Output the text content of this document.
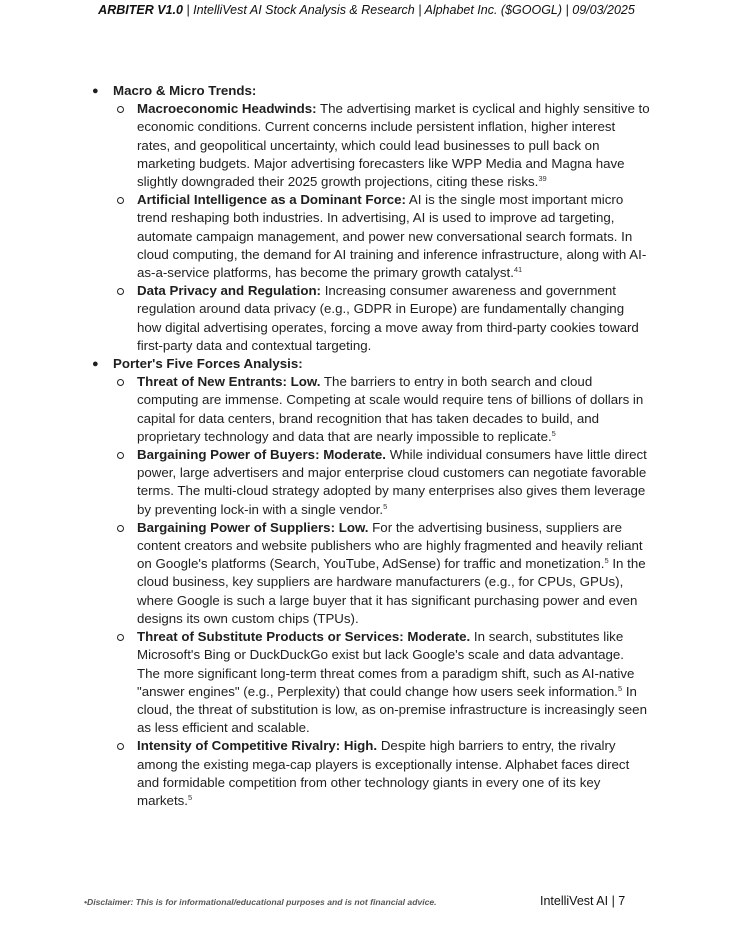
ARBITER V1.0 | IntelliVest AI Stock Analysis & Research | Alphabet Inc. ($GOOGL) | 09/03/2025
● Macro & Micro Trends:
Macroeconomic Headwinds: The advertising market is cyclical and highly sensitive to economic conditions. Current concerns include persistent inflation, higher interest rates, and geopolitical uncertainty, which could lead businesses to pull back on marketing budgets. Major advertising forecasters like WPP Media and Magna have slightly downgraded their 2025 growth projections, citing these risks.$^{39}$
Artificial Intelligence as a Dominant Force: AI is the single most important micro trend reshaping both industries. In advertising, AI is used to improve ad targeting, automate campaign management, and power new conversational search formats. In cloud computing, the demand for AI training and inference infrastructure, along with AI-as-a-service platforms, has become the primary growth catalyst.$^{41}$
Data Privacy and Regulation: Increasing consumer awareness and government regulation around data privacy (e.g., GDPR in Europe) are fundamentally changing how digital advertising operates, forcing a move away from third-party cookies toward first-party data and contextual targeting.
● Porter's Five Forces Analysis:
Threat of New Entrants: Low. The barriers to entry in both search and cloud computing are immense. Competing at scale would require tens of billions of dollars in capital for data centers, brand recognition that has taken decades to build, and proprietary technology and data that are nearly impossible to replicate.$^5$
Bargaining Power of Buyers: Moderate. While individual consumers have little direct power, large advertisers and major enterprise cloud customers can negotiate favorable terms. The multi-cloud strategy adopted by many enterprises also gives them leverage by preventing lock-in with a single vendor.$^5$
Bargaining Power of Suppliers: Low. For the advertising business, suppliers are content creators and website publishers who are highly fragmented and heavily reliant on Google's platforms (Search, YouTube, AdSense) for traffic and monetization.$^5$ In the cloud business, key suppliers are hardware manufacturers (e.g., for CPUs, GPUs), where Google is such a large buyer that it has significant purchasing power and even designs its own custom chips (TPUs).
Threat of Substitute Products or Services: Moderate. In search, substitutes like Microsoft's Bing or DuckDuckGo exist but lack Google's scale and data advantage. The more significant long-term threat comes from a paradigm shift, such as AI-native "answer engines" (e.g., Perplexity) that could change how users seek information.$^5$ In cloud, the threat of substitution is low, as on-premise infrastructure is increasingly seen as less efficient and scalable.
Intensity of Competitive Rivalry: High. Despite high barriers to entry, the rivalry among the existing mega-cap players is exceptionally intense. Alphabet faces direct and formidable competition from other technology giants in every one of its key markets.$^5$
•Disclaimer: This is for informational/educational purposes and is not financial advice.	IntelliVest AI | 7
